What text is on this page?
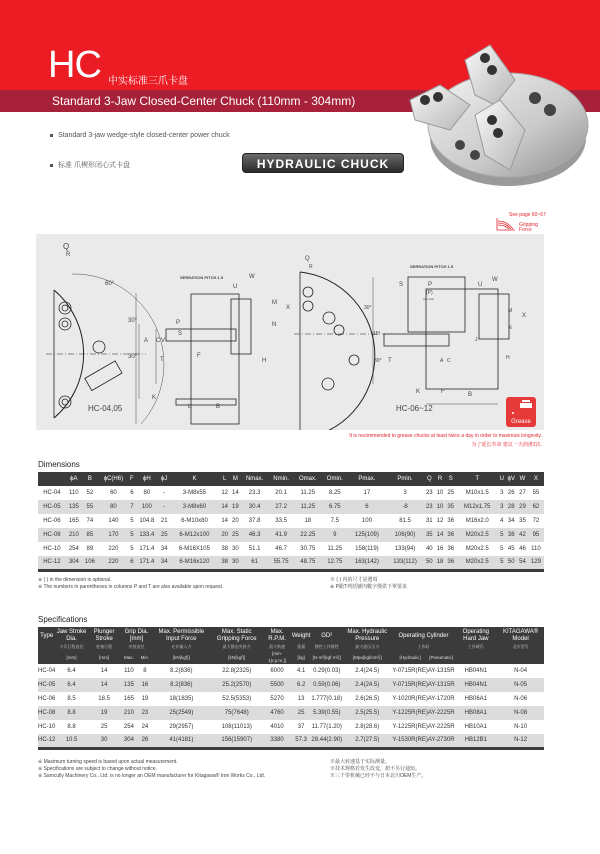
HC 中实标准三爪卡盘
Standard 3-Jaw Closed-Center Chuck (110mm - 304mm)
Standard 3-jaw wedge-style closed-center power chuck
标准 爪楔形闭心式卡盘	HYDRAULIC CHUCK
See page 60~67
Gripping Force
Q
R
60°
30°
30°
A C V
P
S
T
F
K
L	B
H
W
U
M
N
X
SERRATION PITCH 1.5
Q
R
30°
15°
30°
S	P
(P)
(HC-04)
U
W
M
N
X
J
H
T
K	F	B
A C
SERRATION PITCH 1.5
HC-04,05	HC-06~12
Grease
It is recommended to grease chucks at least twice a day in order to maximize longevity.
为了延长寿命 建议一天润滑2次.
Dimensions
	ϕA	B	ϕC(H6)	F	ϕH	ϕJ	K	L	M	Nmax.	Nmin.	Omax.	Omin.	Pmax.	Pmin.	Q	R	S	T	U	ϕV	W	X
HC-04	110	52	60	6	80	-	3-M8x55	12	14	23.3	20.1	11.25	8.25	17	3	23	10	25	M10x1.5	3	26	27	55
HC-05	135	55	80	7	100	-	3-M8x60	14	19	30.4	27.2	11.25	6.75	6	-8	23	10	35	M12x1.75	3	28	29	62
HC-06	165	74	140	5	104.8	21	6-M10x80	14	20	37.8	33.5	18	7.5	100	81.5	31	12	36	M16x2.0	4	34	35	72
HC-08	210	85	170	5	133.4	25	6-M12x100	20	25	46.3	41.9	22.25	9	125(109)	106(90)	35	14	36	M20x2.5	5	38	42	95
HC-10	254	89	220	5	171.4	34	6-M16X105	38	30	51.1	46.7	30.75	11.25	158(119)	133(94)	40	16	36	M20x2.5	5	45	46	110
HC-12	304	106	220	6	171.4	34	6-M16x120	38	30	61	55.75	48.75	12.75	163(142)	133(112)	50	18	36	M20x2.5	5	50	54	129
※ ( ) in the dimension is optional.
※ The numbers in parentheses in columns P and T are also available upon request.
※ ( ) 内的尺寸是選項
※ P跟T列括號內數字僅供下單要求
Specifications
Type	Jaw Stroke Dia.	Plunger Stroke	Grip Dia. [mm]		Max. Permissible Input Force	Max. Static Gripping Force	Max. R.P.M.	Weight	GD²	Max. Hydraulic Pressure	Operating Cylinder		Operating Hard Jaw	KITAGAWA® Model
	卡爪行程直径	柱塞行程	夹持直径		允许输入力	最大静态夹持力	最大转速	重量	惯性工作惯性	最大液压压力	工作缸		工作硬爪	北川型号
	[mm]	[mm]	Max.	Min.	[kN{kgf}]	[kN{kgf}]	[min-1{r.p.m.}]	[kg]	[N·m²{kgf·m²}]	[Mpa{kgf/cm²}]	[Hydraulic]	[Pneumatic]		
HC-04	6.4	14	110	8	8.2(836)	22.8(2325)	6000	4.1	0.29(0.03)	2.4(24.5)	Y-0715R(RE)	AY-1315R	HB04N1	N-04
HC-05	6.4	14	135	16	8.2(836)	25.2(2570)	5500	6.2	0.59(0.06)	2.4(24.5)	Y-0715R(RE)	AY-1315R	HB04N1	N-05
HC-06	8.5	18.5	165	19	18(1835)	52.5(5353)	5270	13	1.777(0.18)	2.6(26.5)	Y-1020R(RE)	AY-1720R	HB06A1	N-06
HC-08	8.8	19	210	23	25(2549)	75(7648)	4760	25	5.39(0.55)	2.5(25.5)	Y-1225R(RE)	AY-2225R	HB08A1	N-08
HC-10	8.8	25	254	24	29(2957)	108(11013)	4010	37	11.77(1.20)	2.8(28.6)	Y-1225R(RE)	AY-2225R	HB10A1	N-10
HC-12	10.5	30	304	26	41(4181)	156(15907)	3380	57.3	28.44(2.90)	2.7(27.5)	Y-1530R(RE)	AY-2730R	HB12B1	N-12
※ Maximum turning speed is based upon actual measurement.
※ Specifications are subject to change without notice.
※ Samcully Machinery Co., Ltd. is no longer an OEM manufacturer for Kitagawa® Iron Works Co., Ltd.
※最大转速基于实际测量。
※技术规格若发生改变，恕不另行通知。
※三千里机械已经不与日本北川OEM生产。
